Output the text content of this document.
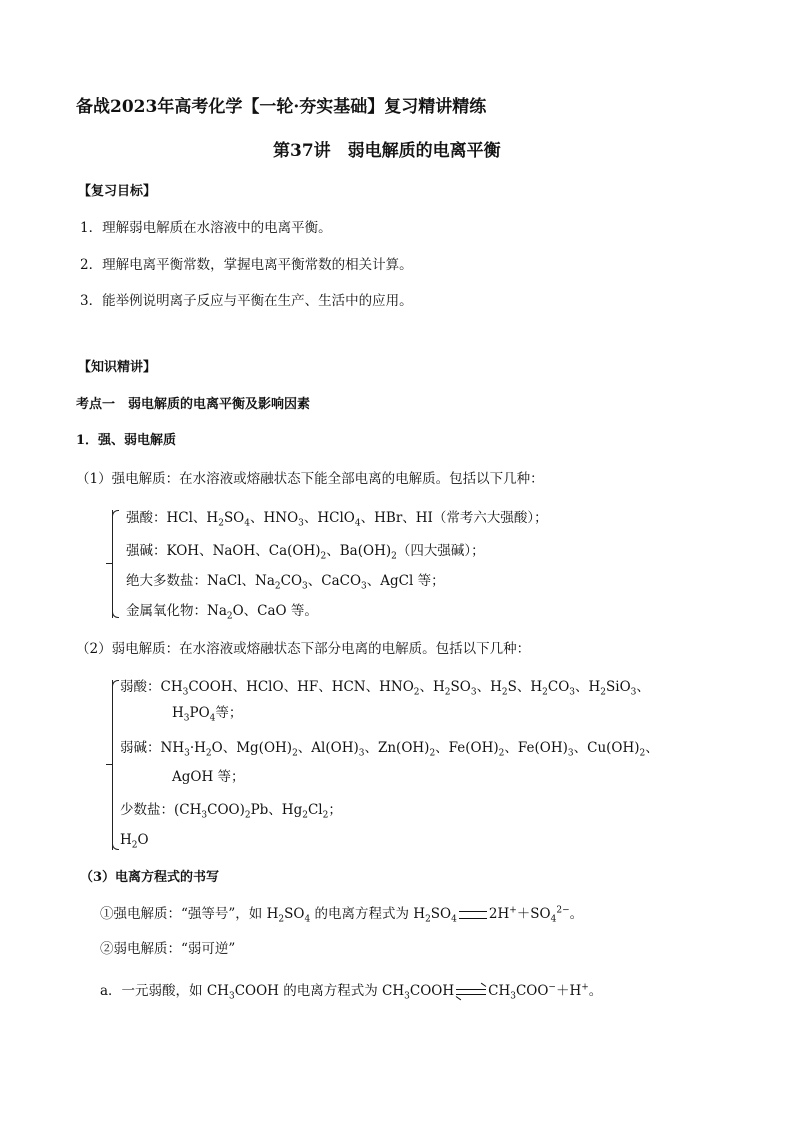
备战2023年高考化学【一轮·夯实基础】复习精讲精练
第37讲　弱电解质的电离平衡
【复习目标】
1．理解弱电解质在水溶液中的电离平衡。
2．理解电离平衡常数，掌握电离平衡常数的相关计算。
3．能举例说明离子反应与平衡在生产、生活中的应用。
【知识精讲】
考点一　弱电解质的电离平衡及影响因素
1．强、弱电解质
（1）强电解质：在水溶液或熔融状态下能全部电离的电解质。包括以下几种：
强酸：HCl、$H_2SO_4$、$HNO_3$、HClO$_4$、HBr、HI（常考六大强酸）；
强碱：KOH、NaOH、$Ca(OH)_2$、$Ba(OH)_2$（四大强碱）；
绝大多数盐：NaCl、$Na_2CO_3$、CaCO$_3$、AgCl 等；
金属氧化物：$Na_2O$、CaO 等。
（2）弱电解质：在水溶液或熔融状态下部分电离的电解质。包括以下几种：
弱酸：$CH_3COOH$、HClO、HF、HCN、$HNO_2$、$H_2SO_3$、$H_2S$、$H_2CO_3$、$H_2SiO_3$、
$H_3PO_4$等；
弱碱：$NH_3\cdot H_2O$、$Mg(OH)_2$、$Al(OH)_3$、$Zn(OH)_2$、$Fe(OH)_2$、$Fe(OH)_3$、$Cu(OH)_2$、
AgOH 等；
少数盐：$(CH_3COO)_2Pb$、$Hg_2Cl_2$；
$H_2O$
（3）电离方程式的书写
①强电解质：“强等号”，如 $H_2SO_4$ 的电离方程式为 $H_2SO_4$ $2H^++SO_4^{2-}$。
②弱电解质：“弱可逆”
a．一元弱酸，如 $CH_3COOH$ 的电离方程式为 $CH_3COOH$	$CH_3COO^-+H^+$。
